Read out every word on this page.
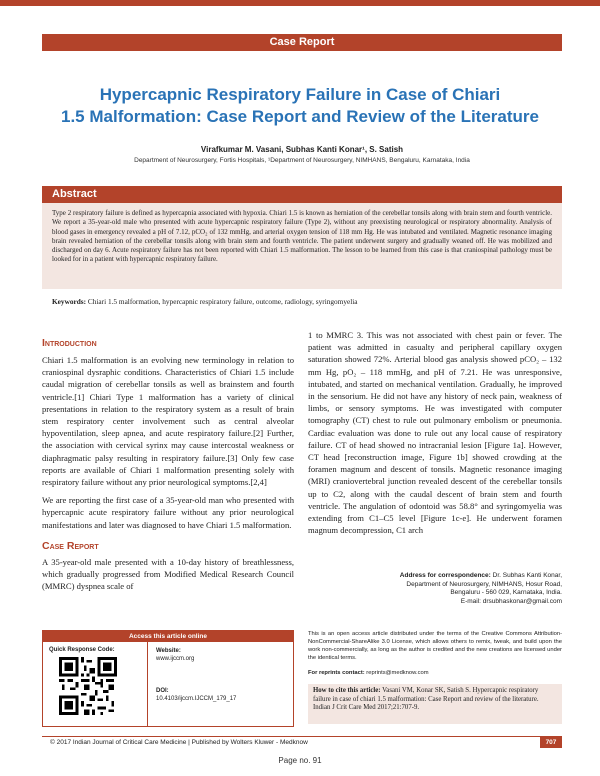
Case Report
Hypercapnic Respiratory Failure in Case of Chiari
1.5 Malformation: Case Report and Review of the Literature
Virafkumar M. Vasani, Subhas Kanti Konar¹, S. Satish
Department of Neurosurgery, Fortis Hospitals, ¹Department of Neurosurgery, NIMHANS, Bengaluru, Karnataka, India
Abstract
Type 2 respiratory failure is defined as hypercapnia associated with hypoxia. Chiari 1.5 is known as herniation of the cerebellar tonsils along with brain stem and fourth ventricle. We report a 35-year-old male who presented with acute hypercapnic respiratory failure (Type 2), without any preexisting neurological or respiratory abnormality. Analysis of blood gases in emergency revealed a pH of 7.12, pCO₂ of 132 mmHg, and arterial oxygen tension of 118 mm Hg. He was intubated and ventilated. Magnetic resonance imaging brain revealed herniation of the cerebellar tonsils along with brain stem and fourth ventricle. The patient underwent surgery and gradually weaned off. He was mobilized and discharged on day 6. Acute respiratory failure has not been reported with Chiari 1.5 malformation. The lesson to be learned from this case is that craniospinal pathology must be looked for in a patient with hypercapnic respiratory failure.
Keywords: Chiari 1.5 malformation, hypercapnic respiratory failure, outcome, radiology, syringomyelia
Introduction

Chiari 1.5 malformation is an evolving new terminology in relation to craniospinal dysraphic conditions. Characteristics of Chiari 1.5 include caudal migration of cerebellar tonsils as well as brainstem and fourth ventricle.[1] Chiari Type 1 malformation has a variety of clinical presentations in relation to the respiratory system as a result of brain stem respiratory center involvement such as central alveolar hypoventilation, sleep apnea, and acute respiratory failure.[2] Further, the association with cervical syrinx may cause intercostal weakness or diaphragmatic palsy resulting in respiratory failure.[3] Only few case reports are available of Chiari 1 malformation presenting solely with respiratory failure without any prior neurological symptoms.[2,4]

We are reporting the first case of a 35-year-old man who presented with hypercapnic acute respiratory failure without any prior neurological manifestations and later was diagnosed to have Chiari 1.5 malformation.

Case Report

A 35-year-old male presented with a 10-day history of breathlessness, which gradually progressed from Modified Medical Research Council (MMRC) dyspnea scale of

1 to MMRC 3. This was not associated with chest pain or fever. The patient was admitted in casualty and peripheral capillary oxygen saturation showed 72%. Arterial blood gas analysis showed pCO₂ – 132 mm Hg, pO₂ – 118 mmHg, and pH of 7.21. He was unresponsive, intubated, and started on mechanical ventilation. Gradually, he improved in the sensorium. He did not have any history of neck pain, weakness of limbs, or sensory symptoms. He was investigated with computer tomography (CT) chest to rule out pulmonary embolism or pneumonia. Cardiac evaluation was done to rule out any local cause of respiratory failure. CT of head showed no intracranial lesion [Figure 1a]. However, CT head [reconstruction image, Figure 1b] showed crowding at the foramen magnum and descent of tonsils. Magnetic resonance imaging (MRI) craniovertebral junction revealed descent of the cerebellar tonsils up to C2, along with the caudal descent of brain stem and fourth ventricle. The angulation of odontoid was 58.8° and syringomyelia was extending from C1–C5 level [Figure 1c-e]. He underwent foramen magnum decompression, C1 arch

Address for correspondence: Dr. Subhas Kanti Konar,
Department of Neurosurgery, NIMHANS, Hosur Road,
Bengaluru - 560 029, Karnataka, India.
E-mail: drsubhaskonar@gmail.com
Access this article online
Quick Response Code:	Website:
www.ijccm.org
DOI:
10.4103/ijccm.IJCCM_179_17
This is an open access article distributed under the terms of the Creative Commons Attribution-NonCommercial-ShareAlike 3.0 License, which allows others to remix, tweak, and build upon the work non-commercially, as long as the author is credited and the new creations are licensed under the identical terms.
For reprints contact: reprints@medknow.com
How to cite this article: Vasani VM, Konar SK, Satish S. Hypercapnic respiratory failure in case of chiari 1.5 malformation: Case Report and review of the literature. Indian J Crit Care Med 2017;21:707-9.
© 2017 Indian Journal of Critical Care Medicine | Published by Wolters Kluwer - Medknow	707
Page no. 91
